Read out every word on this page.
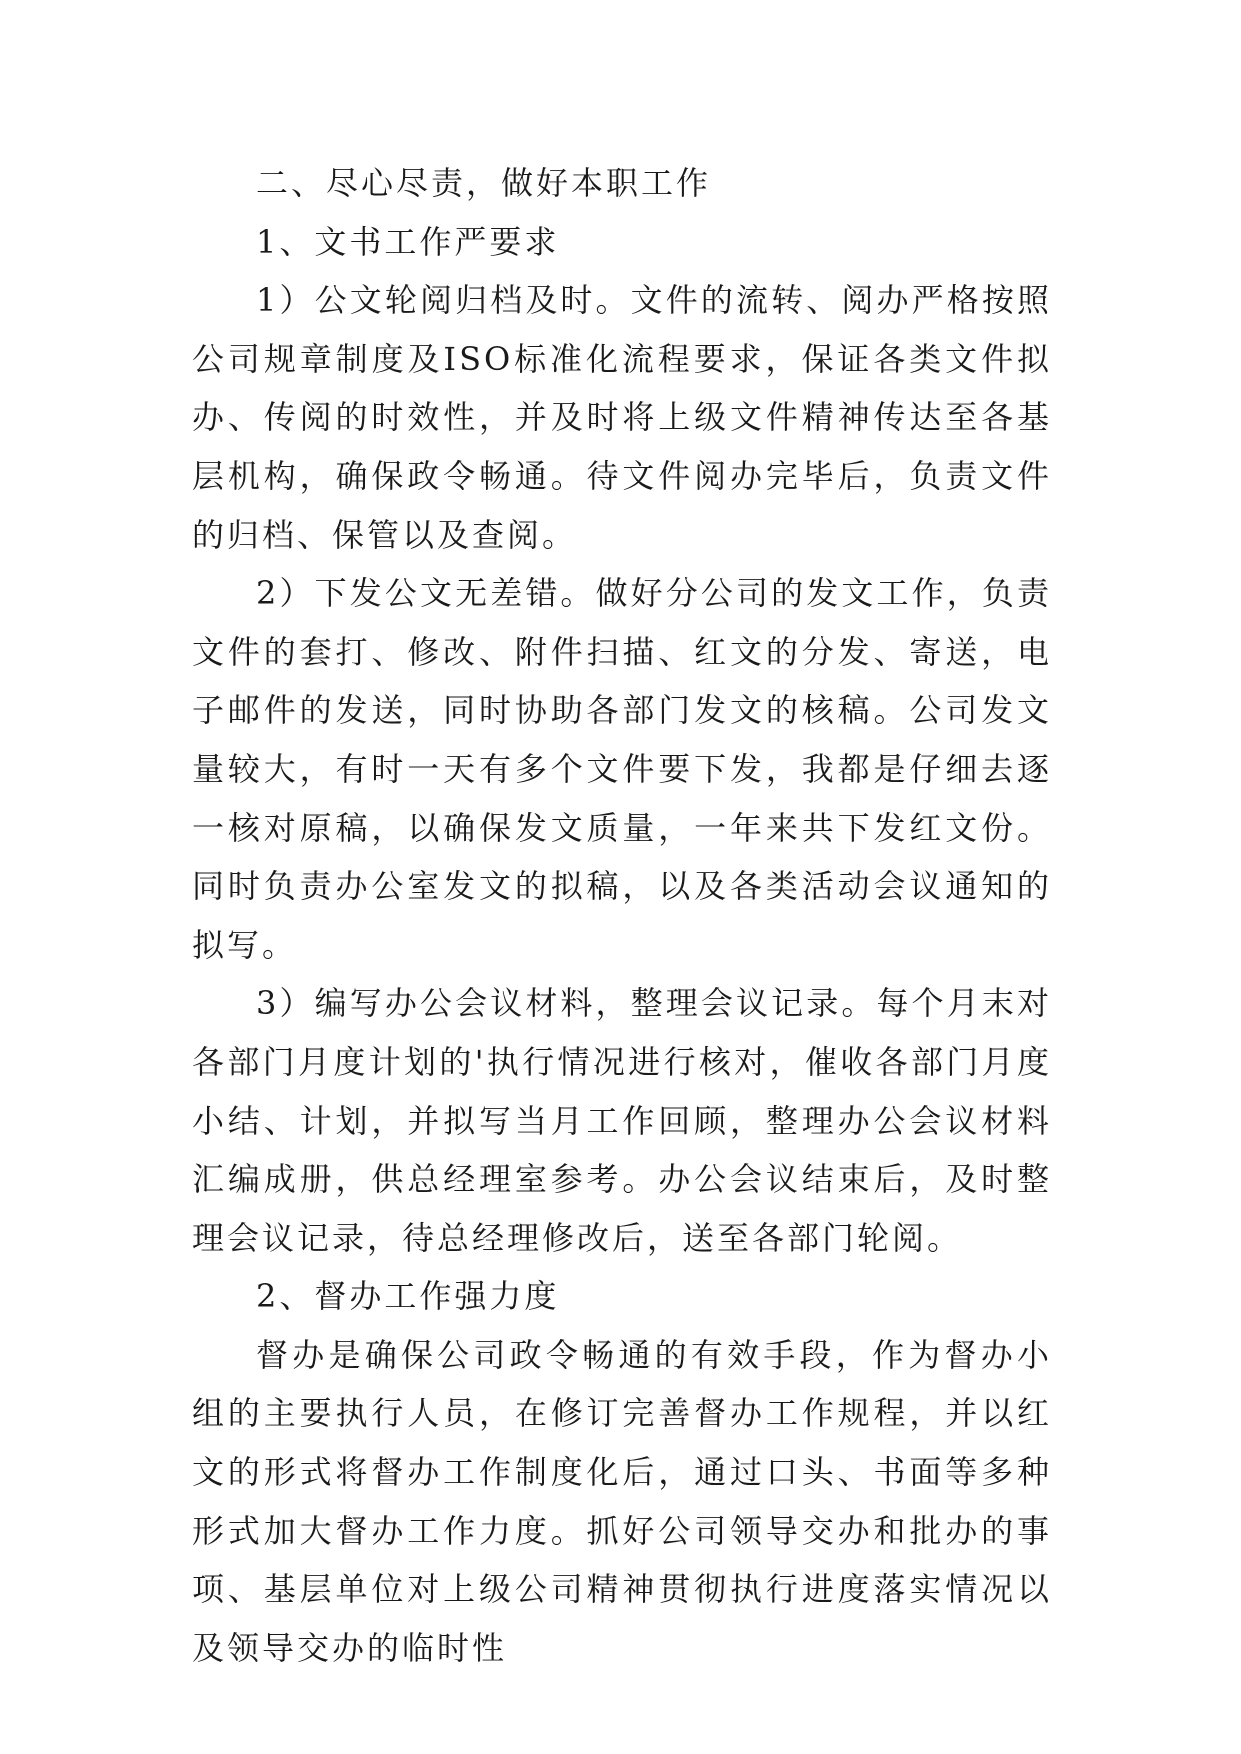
二、尽心尽责，做好本职工作

1、文书工作严要求

1）公文轮阅归档及时。文件的流转、阅办严格按照公司规章制度及ISO标准化流程要求，保证各类文件拟办、传阅的时效性，并及时将上级文件精神传达至各基层机构，确保政令畅通。待文件阅办完毕后，负责文件的归档、保管以及查阅。

2）下发公文无差错。做好分公司的发文工作，负责文件的套打、修改、附件扫描、红文的分发、寄送，电子邮件的发送，同时协助各部门发文的核稿。公司发文量较大，有时一天有多个文件要下发，我都是仔细去逐一核对原稿，以确保发文质量，一年来共下发红文份。同时负责办公室发文的拟稿，以及各类活动会议通知的拟写。

3）编写办公会议材料，整理会议记录。每个月末对各部门月度计划的'执行情况进行核对，催收各部门月度小结、计划，并拟写当月工作回顾，整理办公会议材料汇编成册，供总经理室参考。办公会议结束后，及时整理会议记录，待总经理修改后，送至各部门轮阅。

2、督办工作强力度

督办是确保公司政令畅通的有效手段，作为督办小组的主要执行人员，在修订完善督办工作规程，并以红文的形式将督办工作制度化后，通过口头、书面等多种形式加大督办工作力度。抓好公司领导交办和批办的事项、基层单位对上级公司精神贯彻执行进度落实情况以及领导交办的临时性
